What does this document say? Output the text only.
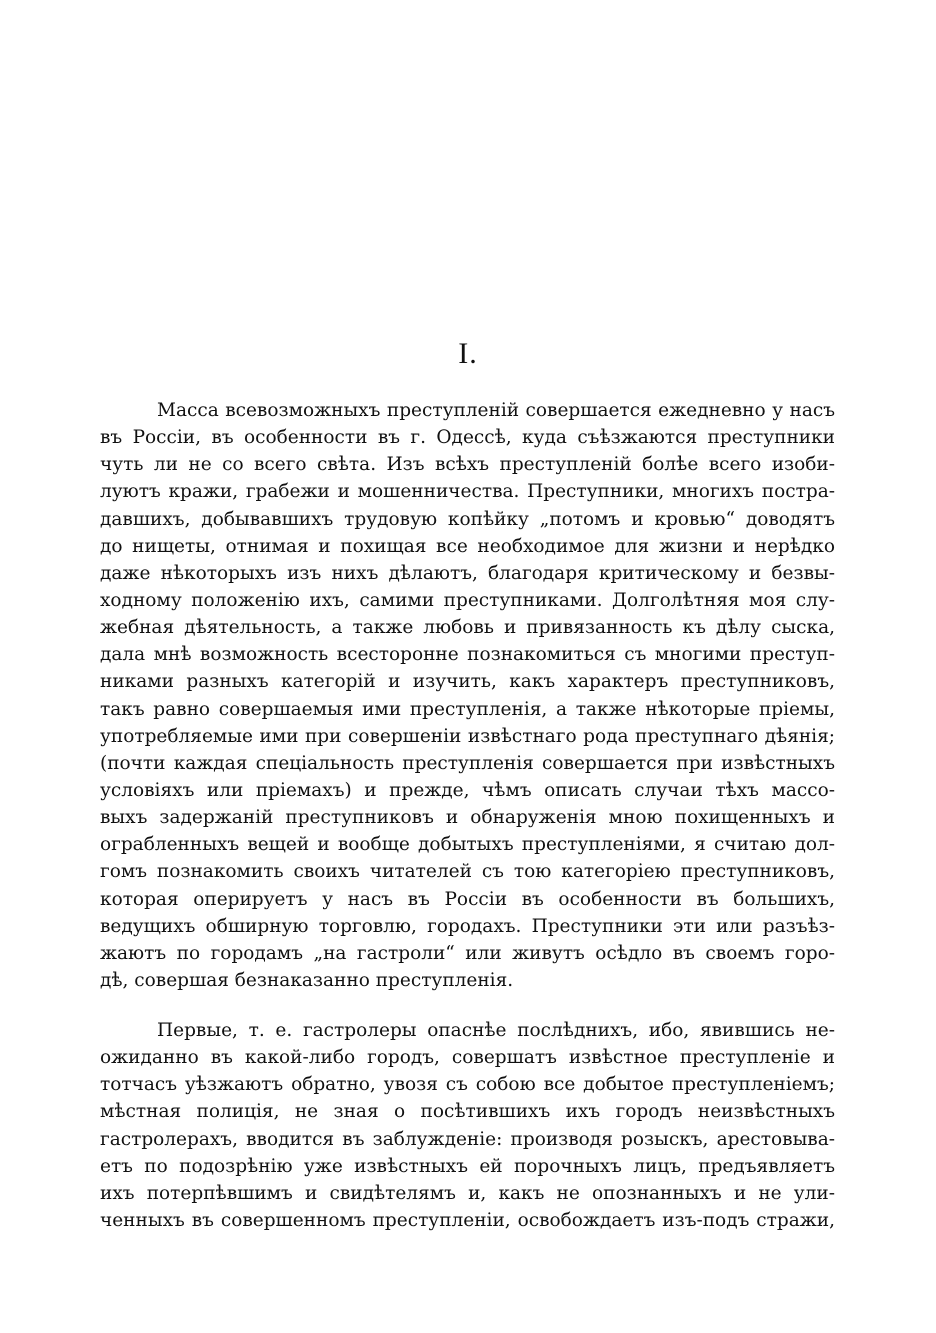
I.
Масса всевозможныхъ преступленій совершается ежедневно у насъ
въ Россіи, въ особенности въ г. Одессѣ, куда съѣзжаются преступники
чуть ли не со всего свѣта. Изъ всѣхъ преступленій болѣе всего изоби-
луютъ кражи, грабежи и мошенничества. Преступники, многихъ постра-
давшихъ, добывавшихъ трудовую копѣйку „потомъ и кровью“ доводятъ
до нищеты, отнимая и похищая все необходимое для жизни и нерѣдко
даже нѣкоторыхъ изъ нихъ дѣлаютъ, благодаря критическому и безвы-
ходному положенію ихъ, самими преступниками. Долголѣтняя моя слу-
жебная дѣятельность, а также любовь и привязанность къ дѣлу сыска,
дала мнѣ возможность всесторонне познакомиться съ многими преступ-
никами разныхъ категорій и изучить, какъ характеръ преступниковъ,
такъ равно совершаемыя ими преступленія, а также нѣкоторые пріемы,
употребляемые ими при совершеніи извѣстнаго рода преступнаго дѣянія;
(почти каждая спеціальность преступленія совершается при извѣстныхъ
условіяхъ или пріемахъ) и прежде, чѣмъ описать случаи тѣхъ массо-
выхъ задержаній преступниковъ и обнаруженія мною похищенныхъ и
ограбленныхъ вещей и вообще добытыхъ преступленіями, я считаю дол-
гомъ познакомить своихъ читателей съ тою категоріею преступниковъ,
которая оперируетъ у насъ въ Россіи въ особенности въ большихъ,
ведущихъ обширную торговлю, городахъ. Преступники эти или разъѣз-
жаютъ по городамъ „на гастроли“ или живутъ осѣдло въ своемъ горо-
дѣ, совершая безнаказанно преступленія.
Первые, т. е. гастролеры опаснѣе послѣднихъ, ибо, явившись не-
ожиданно въ какой-либо городъ, совершатъ извѣстное преступленіе и
тотчасъ уѣзжаютъ обратно, увозя съ собою все добытое преступленіемъ;
мѣстная полиція, не зная о посѣтившихъ ихъ городъ неизвѣстныхъ
гастролерахъ, вводится въ заблужденіе: производя розыскъ, арестовыва-
етъ по подозрѣнію уже извѣстныхъ ей порочныхъ лицъ, предъявляетъ
ихъ потерпѣвшимъ и свидѣтелямъ и, какъ не опознанныхъ и не ули-
ченныхъ въ совершенномъ преступленіи, освобождаетъ изъ-подъ стражи,
